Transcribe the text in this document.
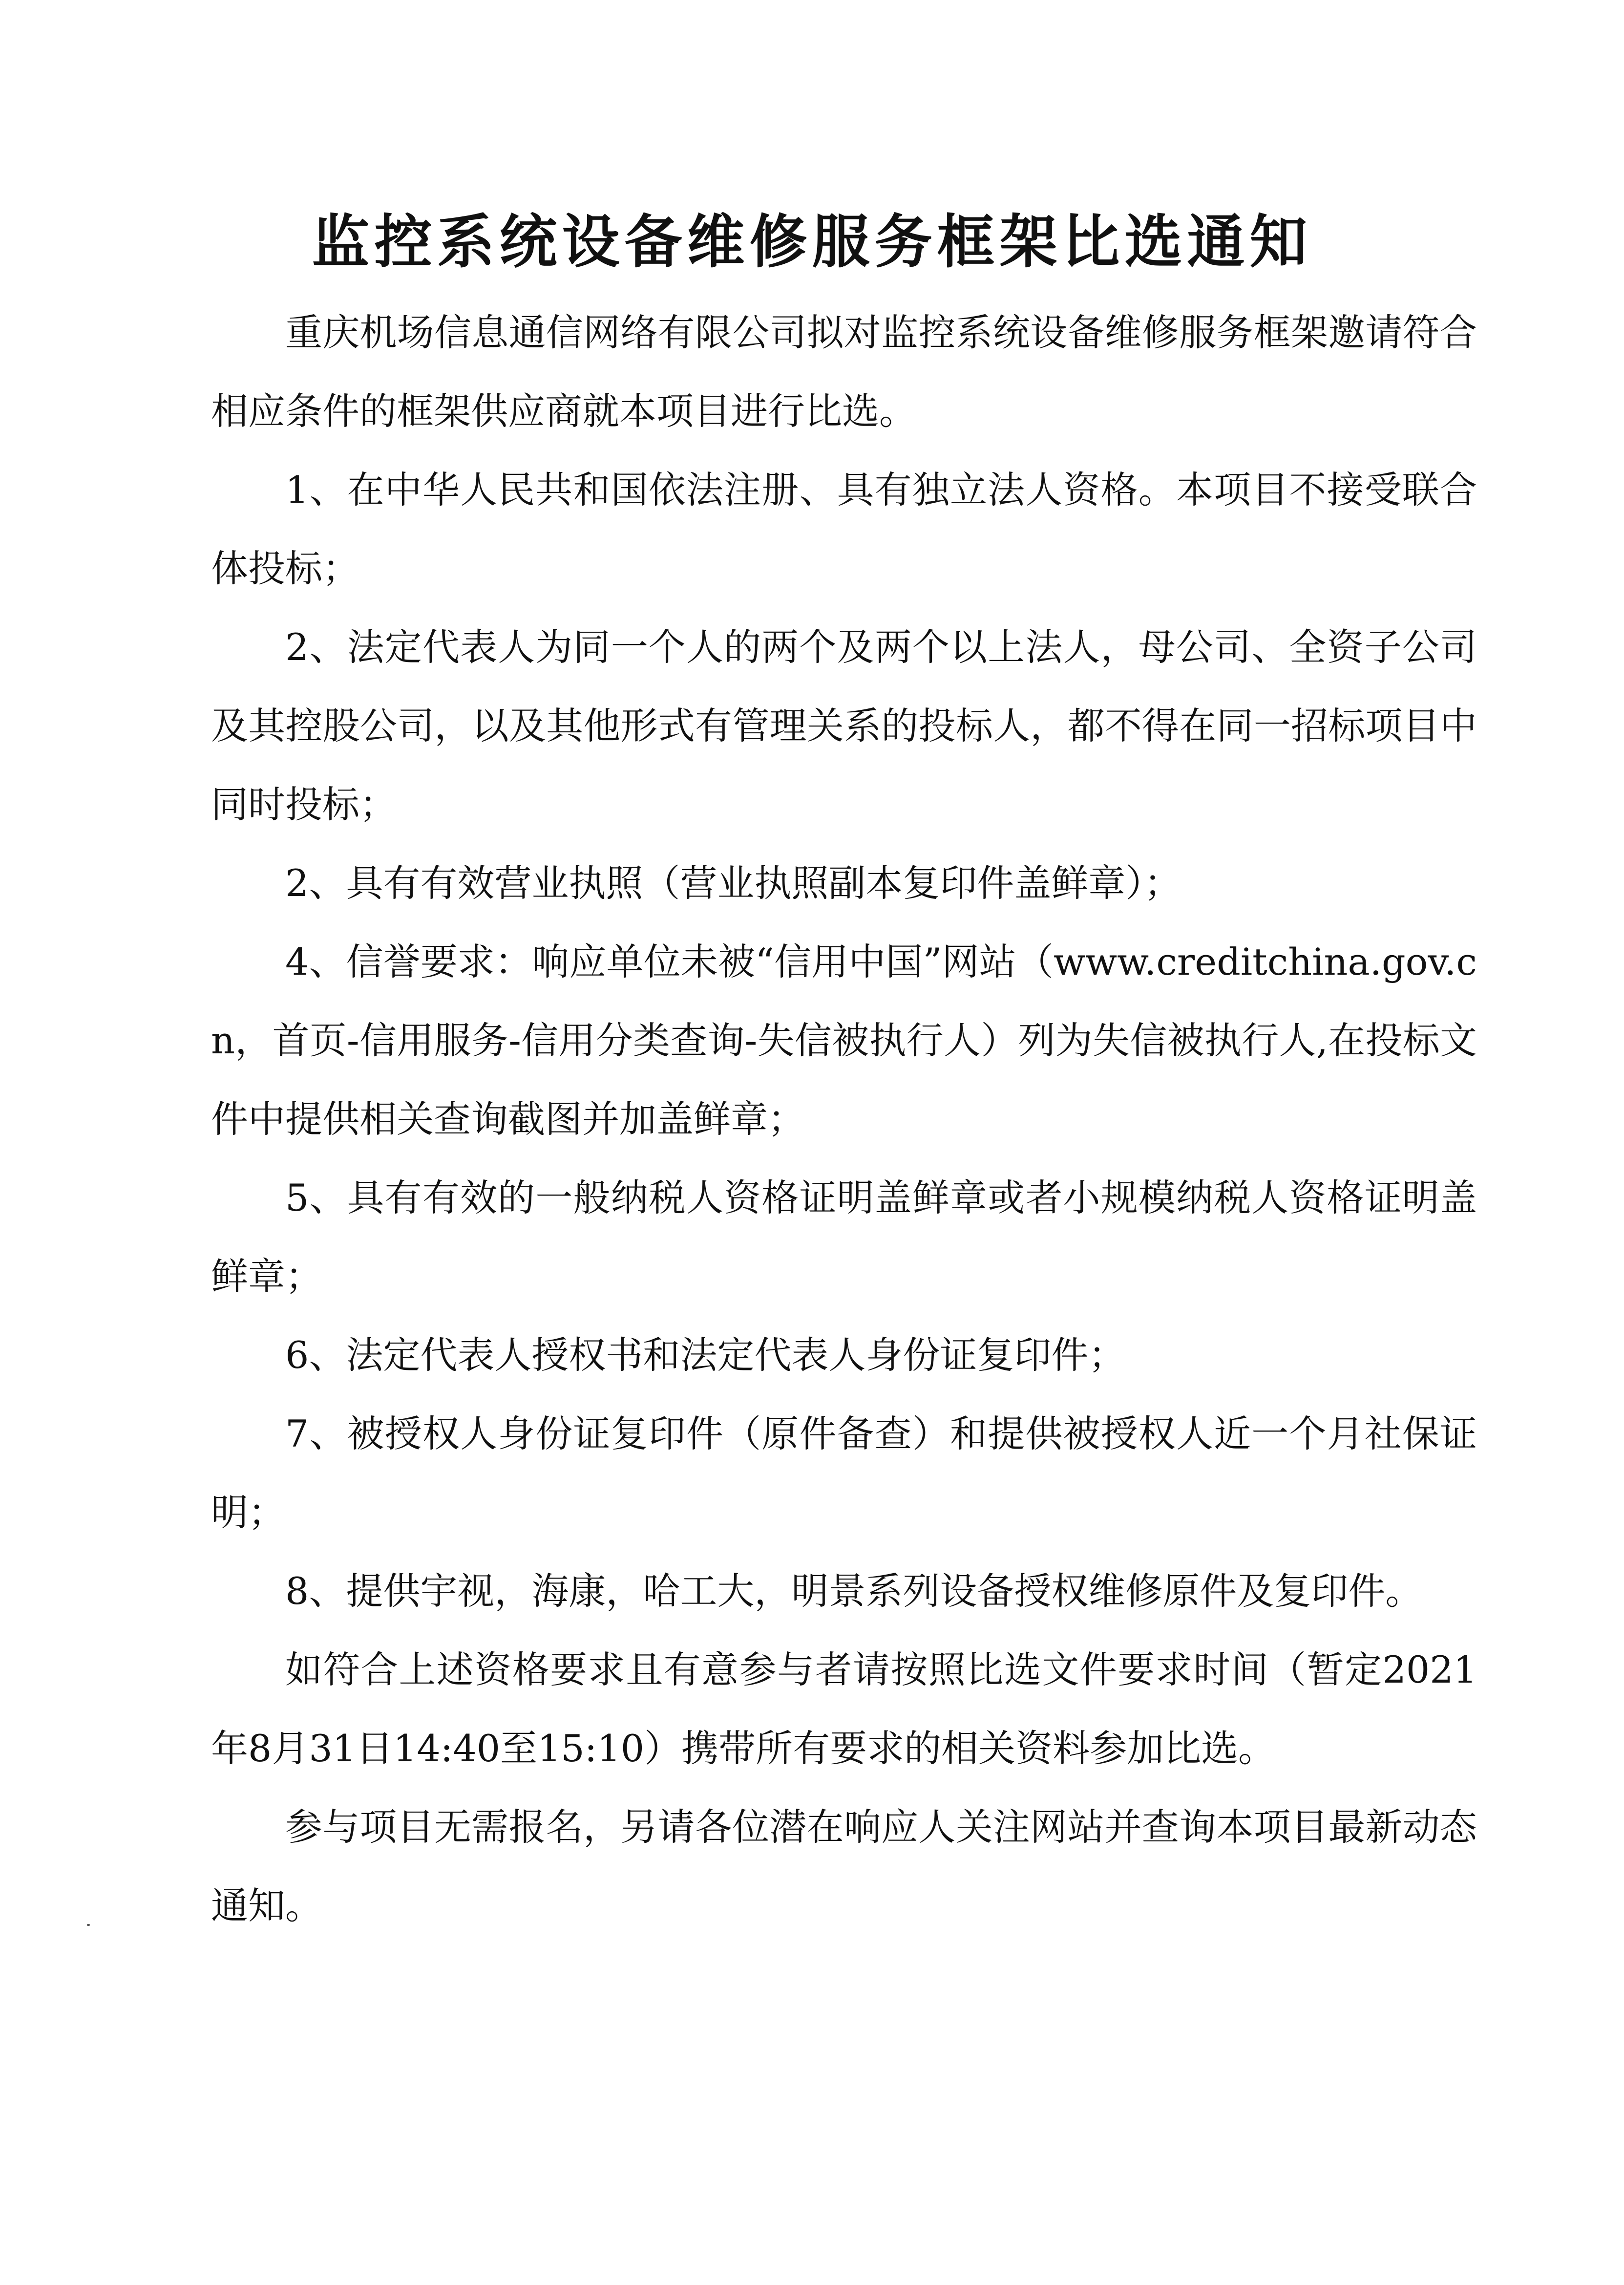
监控系统设备维修服务框架比选通知

重庆机场信息通信网络有限公司拟对监控系统设备维修服务框架邀请符合相应条件的框架供应商就本项目进行比选。

1、在中华人民共和国依法注册、具有独立法人资格。本项目不接受联合体投标；

2、法定代表人为同一个人的两个及两个以上法人，母公司、全资子公司及其控股公司，以及其他形式有管理关系的投标人，都不得在同一招标项目中同时投标；

2、具有有效营业执照（营业执照副本复印件盖鲜章）；

4、信誉要求：响应单位未被“信用中国”网站（www.creditchina.gov.cn，首页-信用服务-信用分类查询-失信被执行人）列为失信被执行人,在投标文件中提供相关查询截图并加盖鲜章；

5、具有有效的一般纳税人资格证明盖鲜章或者小规模纳税人资格证明盖鲜章；

6、法定代表人授权书和法定代表人身份证复印件；

7、被授权人身份证复印件（原件备查）和提供被授权人近一个月社保证明；

8、提供宇视，海康，哈工大，明景系列设备授权维修原件及复印件。

如符合上述资格要求且有意参与者请按照比选文件要求时间（暂定2021年8月31日14:40至15:10）携带所有要求的相关资料参加比选。

参与项目无需报名，另请各位潜在响应人关注网站并查询本项目最新动态通知。
